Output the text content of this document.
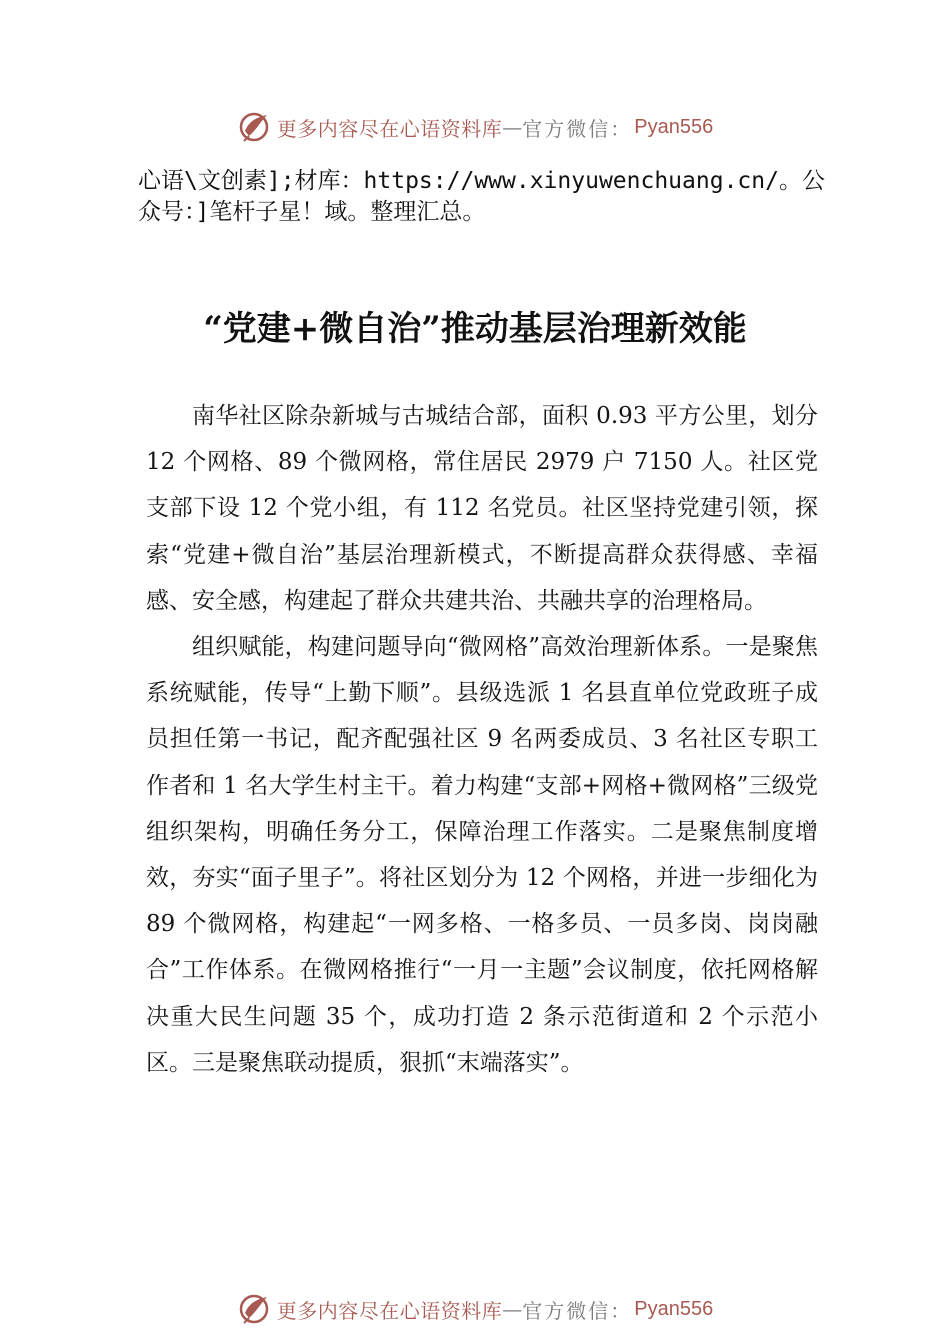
更多内容尽在心语资料库 — 官方微信： Pyan556
心语\文创素];材库：https://www.xinyuwenchuang.cn/。公众号：]笔杆子星！域。整理汇总。
“党建+微自治”推动基层治理新效能

南华社区除杂新城与古城结合部，面积 0.93 平方公里，划分 12 个网格、89 个微网格，常住居民 2979 户 7150 人。社区党支部下设 12 个党小组，有 112 名党员。社区坚持党建引领，探索“党建+微自治”基层治理新模式，不断提高群众获得感、幸福感、安全感，构建起了群众共建共治、共融共享的治理格局。

组织赋能，构建问题导向“微网格”高效治理新体系。一是聚焦系统赋能，传导“上勤下顺”。县级选派 1 名县直单位党政班子成员担任第一书记，配齐配强社区 9 名两委成员、3 名社区专职工作者和 1 名大学生村主干。着力构建“支部+网格+微网格”三级党组织架构，明确任务分工，保障治理工作落实。二是聚焦制度增效，夯实“面子里子”。将社区划分为 12 个网格，并进一步细化为 89 个微网格，构建起“一网多格、一格多员、一员多岗、岗岗融合”工作体系。在微网格推行“一月一主题”会议制度，依托网格解决重大民生问题 35 个，成功打造 2 条示范街道和 2 个示范小区。三是聚焦联动提质，狠抓“末端落实”。

更多内容尽在心语资料库 — 官方微信： Pyan556
